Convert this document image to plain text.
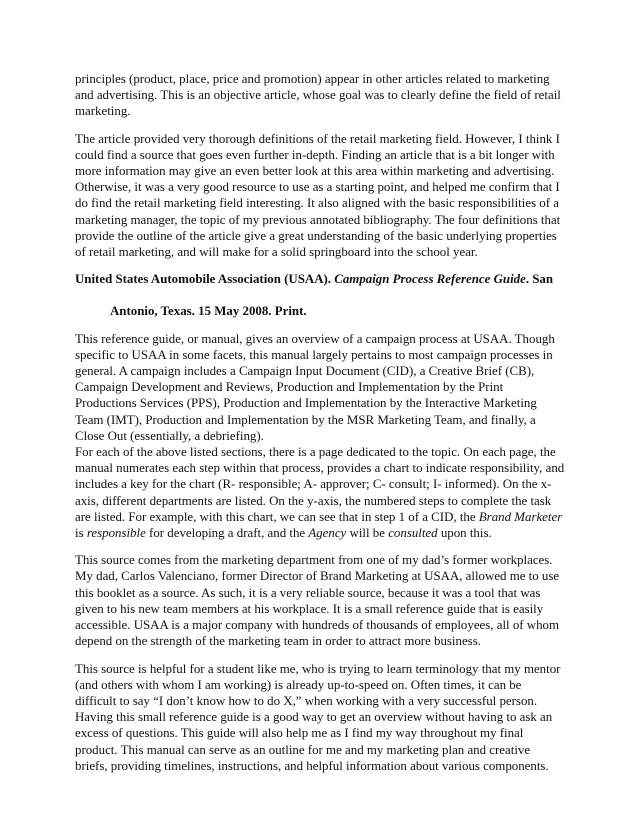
principles (product, place, price and promotion) appear in other articles related to marketing and advertising. This is an objective article, whose goal was to clearly define the field of retail marketing.

The article provided very thorough definitions of the retail marketing field. However, I think I could find a source that goes even further in-depth. Finding an article that is a bit longer with more information may give an even better look at this area within marketing and advertising. Otherwise, it was a very good resource to use as a starting point, and helped me confirm that I do find the retail marketing field interesting. It also aligned with the basic responsibilities of a marketing manager, the topic of my previous annotated bibliography. The four definitions that provide the outline of the article give a great understanding of the basic underlying properties of retail marketing, and will make for a solid springboard into the school year.

United States Automobile Association (USAA). Campaign Process Reference Guide. San

Antonio, Texas. 15 May 2008. Print.

This reference guide, or manual, gives an overview of a campaign process at USAA. Though specific to USAA in some facets, this manual largely pertains to most campaign processes in general. A campaign includes a Campaign Input Document (CID), a Creative Brief (CB), Campaign Development and Reviews, Production and Implementation by the Print Productions Services (PPS), Production and Implementation by the Interactive Marketing Team (IMT), Production and Implementation by the MSR Marketing Team, and finally, a Close Out (essentially, a debriefing).

For each of the above listed sections, there is a page dedicated to the topic. On each page, the manual numerates each step within that process, provides a chart to indicate responsibility, and includes a key for the chart (R- responsible; A- approver; C- consult; I- informed). On the x-axis, different departments are listed. On the y-axis, the numbered steps to complete the task are listed. For example, with this chart, we can see that in step 1 of a CID, the Brand Marketer is responsible for developing a draft, and the Agency will be consulted upon this.

This source comes from the marketing department from one of my dad’s former workplaces. My dad, Carlos Valenciano, former Director of Brand Marketing at USAA, allowed me to use this booklet as a source. As such, it is a very reliable source, because it was a tool that was given to his new team members at his workplace. It is a small reference guide that is easily accessible. USAA is a major company with hundreds of thousands of employees, all of whom depend on the strength of the marketing team in order to attract more business.

This source is helpful for a student like me, who is trying to learn terminology that my mentor (and others with whom I am working) is already up-to-speed on. Often times, it can be difficult to say “I don’t know how to do X,” when working with a very successful person. Having this small reference guide is a good way to get an overview without having to ask an excess of questions. This guide will also help me as I find my way throughout my final product. This manual can serve as an outline for me and my marketing plan and creative briefs, providing timelines, instructions, and helpful information about various components.
